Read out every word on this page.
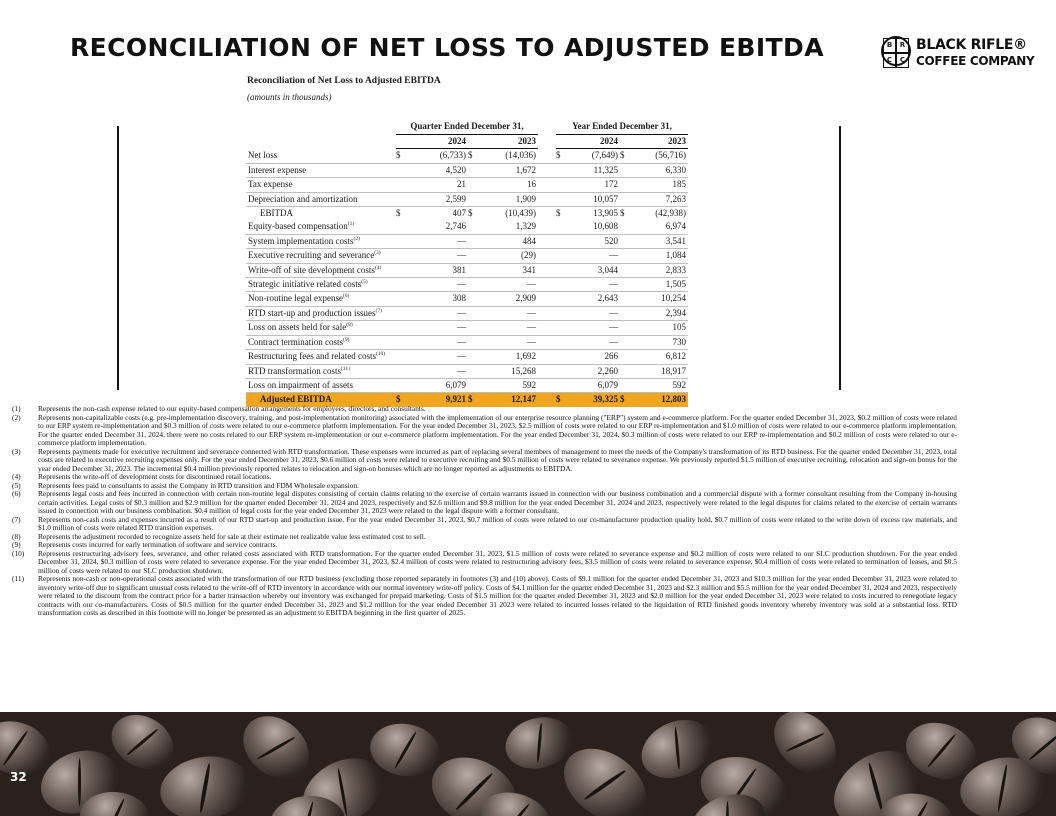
RECONCILIATION OF NET LOSS TO ADJUSTED EBITDA	B	R
C	C
BLACK RIFLE®
COFFEE COMPANY
Reconciliation of Net Loss to Adjusted EBITDA
(amounts in thousands)
	Quarter Ended December 31,					Year Ended December 31,			
	2024		2023			2024		2023	
Net loss	$	(6,733)	$	(14,036)		$	(7,649)	$	(56,716)
Interest expense		4,520		1,672			11,325		6,330
Tax expense		21		16			172		185
Depreciation and amortization		2,599		1,909			10,057		7,263
EBITDA	$	407	$	(10,439)		$	13,905	$	(42,938)
Equity-based compensation$^{(1)}$		2,746		1,329			10,608		6,974
System implementation costs$^{(2)}$		—		484			520		3,541
Executive recruiting and severance$^{(3)}$		—		(29)			—		1,084
Write-off of site development costs$^{(4)}$		381		341			3,044		2,833
Strategic initiative related costs$^{(5)}$		—		—			—		1,505
Non-routine legal expense$^{(6)}$		308		2,909			2,643		10,254
RTD start-up and production issues$^{(7)}$		—		—			—		2,394
Loss on assets held for sale$^{(8)}$		—		—			—		105
Contract termination costs$^{(9)}$		—		—			—		730
Restructuring fees and related costs$^{(10)}$		—		1,692			266		6,812
RTD transformation costs$^{(11)}$		—		15,268			2,260		18,917
Loss on impairment of assets		6,079		592			6,079		592
Adjusted EBITDA	$	9,921	$	12,147		$	39,325	$	12,803
(1)	Represents the non-cash expense related to our equity-based compensation arrangements for employees, directors, and consultants.
(2)	Represents non-capitalizable costs (e.g. pre-implementation discovery, training, and post-implementation monitoring) associated with the implementation of our enterprise resource planning ("ERP") system and e-commerce platform. For the quarter ended December 31, 2023, $0.2 million of costs were related to our ERP system re-implementation and $0.3 million of costs were related to our e-commerce platform implementation. For the year ended December 31, 2023, $2.5 million of costs were related to our ERP re-implementation and $1.0 million of costs were related to our e-commerce platform implementation. For the quarter ended December 31, 2024, there were no costs related to our ERP system re-implementation or our e-commerce platform implementation. For the year ended December 31, 2024, $0.3 million of costs were related to our ERP re-implementation and $0.2 million of costs were related to our e-commerce platform implementation.
(3)	Represents payments made for executive recruitment and severance connected with RTD transformation. These expenses were incurred as part of replacing several members of management to meet the needs of the Company's transformation of its RTD business. For the quarter ended December 31, 2023, total costs are related to executive recruiting expenses only. For the year ended December 31, 2023, $0.6 million of costs were related to executive recruiting and $0.5 million of costs were related to severance expense. We previously reported $1.5 million of executive recruiting, relocation and sign-on bonus for the year ended December 31, 2023. The incremental $0.4 million previously reported relates to relocation and sign-on bonuses which are no longer reported as adjustments to EBITDA.
(4)	Represents the write-off of development costs for discontinued retail locations.
(5)	Represents fees paid to consultants to assist the Company in RTD transition and FDM Wholesale expansion.
(6)	Represents legal costs and fees incurred in connection with certain non-routine legal disputes consisting of certain claims relating to the exercise of certain warrants issued in connection with our business combination and a commercial dispute with a former consultant resulting from the Company in-housing certain activities. Legal costs of $0.3 million and $2.9 million for the quarter ended December 31, 2024 and 2023, respectively and $2.6 million and $9.8 million for the year ended December 31, 2024 and 2023, respectively were related to the legal disputes for claims related to the exercise of certain warrants issued in connection with our business combination. $0.4 million of legal costs for the year ended December 31, 2023 were related to the legal dispute with a former consultant.
(7)	Represents non-cash costs and expenses incurred as a result of our RTD start-up and production issue. For the year ended December 31, 2023, $0.7 million of costs were related to our co-manufacturer production quality hold, $0.7 million of costs were related to the write down of excess raw materials, and $1.0 million of costs were related RTD transition expenses.
(8)	Represents the adjustment recorded to recognize assets held for sale at their estimate net realizable value less estimated cost to sell.
(9)	Represents costs incurred for early termination of software and service contracts.
(10)	Represents restructuring advisory fees, severance, and other related costs associated with RTD transformation. For the quarter ended December 31, 2023, $1.5 million of costs were related to severance expense and $0.2 million of costs were related to our SLC production shutdown. For the year ended December 31, 2024, $0.3 million of costs were related to severance expense. For the year ended December 31, 2023, $2.4 million of costs were related to restructuring advisory fees, $3.5 million of costs were related to severance expense, $0.4 million of costs were related to termination of leases, and $0.5 million of costs were related to our SLC production shutdown.
(11)	Represents non-cash or non-operational costs associated with the transformation of our RTD business (excluding those reported separately in footnotes (3) and (10) above). Costs of $9.1 million for the quarter ended December 31, 2023 and $10.3 million for the year ended December 31, 2023 were related to inventory write-off due to significant unusual costs related to the write-off of RTD inventory in accordance with our normal inventory write-off policy. Costs of $4.1 million for the quarter ended December 31, 2023 and $2.3 million and $5.5 million for the year ended December 31, 2024 and 2023, respectively were related to the discount from the contract price for a barter transaction whereby our inventory was exchanged for prepaid marketing. Costs of $1.5 million for the quarter ended December 31, 2023 and $2.0 million for the year ended December 31, 2023 were related to costs incurred to renegotiate legacy contracts with our co-manufacturers. Costs of $0.5 million for the quarter ended December 31, 2023 and $1.2 million for the year ended December 31 2023 were related to incurred losses related to the liquidation of RTD finished goods inventory whereby inventory was sold at a substantial loss. RTD transformation costs as described in this footnote will no longer be presented as an adjustment to EBITDA beginning in the first quarter of 2025.
32
